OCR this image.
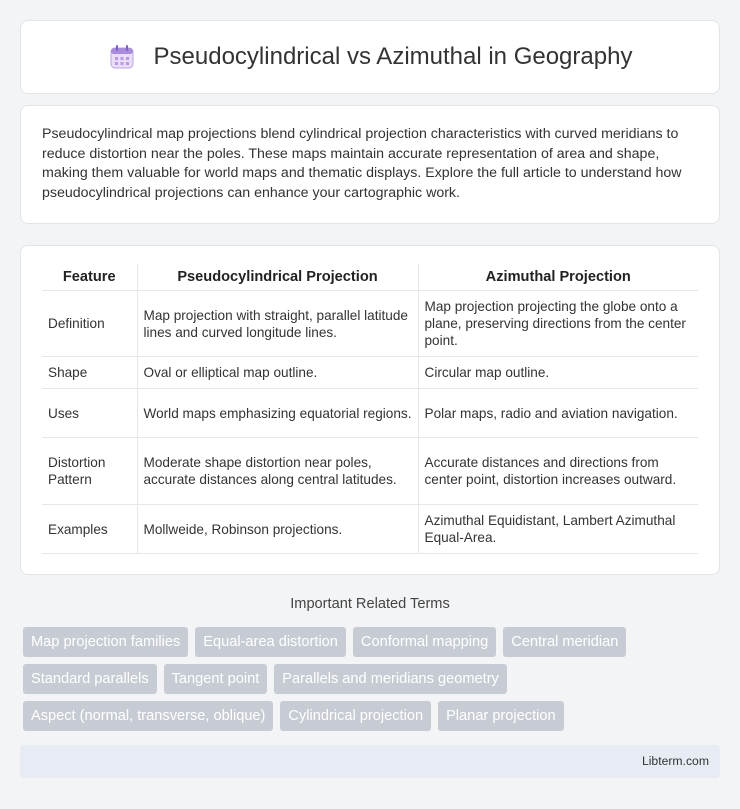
Pseudocylindrical vs Azimuthal in Geography

Pseudocylindrical map projections blend cylindrical projection characteristics with curved meridians to reduce distortion near the poles. These maps maintain accurate representation of area and shape, making them valuable for world maps and thematic displays. Explore the full article to understand how pseudocylindrical projections can enhance your cartographic work.

Feature	Pseudocylindrical Projection	Azimuthal Projection
Definition	Map projection with straight, parallel latitude lines and curved longitude lines.	Map projection projecting the globe onto a plane, preserving directions from the center point.
Shape	Oval or elliptical map outline.	Circular map outline.
Uses	World maps emphasizing equatorial regions.	Polar maps, radio and aviation navigation.
Distortion Pattern	Moderate shape distortion near poles, accurate distances along central latitudes.	Accurate distances and directions from center point, distortion increases outward.
Examples	Mollweide, Robinson projections.	Azimuthal Equidistant, Lambert Azimuthal Equal-Area.
Important Related Terms
Map projection families	Equal-area distortion	Conformal mapping	Central meridian
Standard parallels	Tangent point	Parallels and meridians geometry
Aspect (normal, transverse, oblique)	Cylindrical projection	Planar projection
Libterm.com
